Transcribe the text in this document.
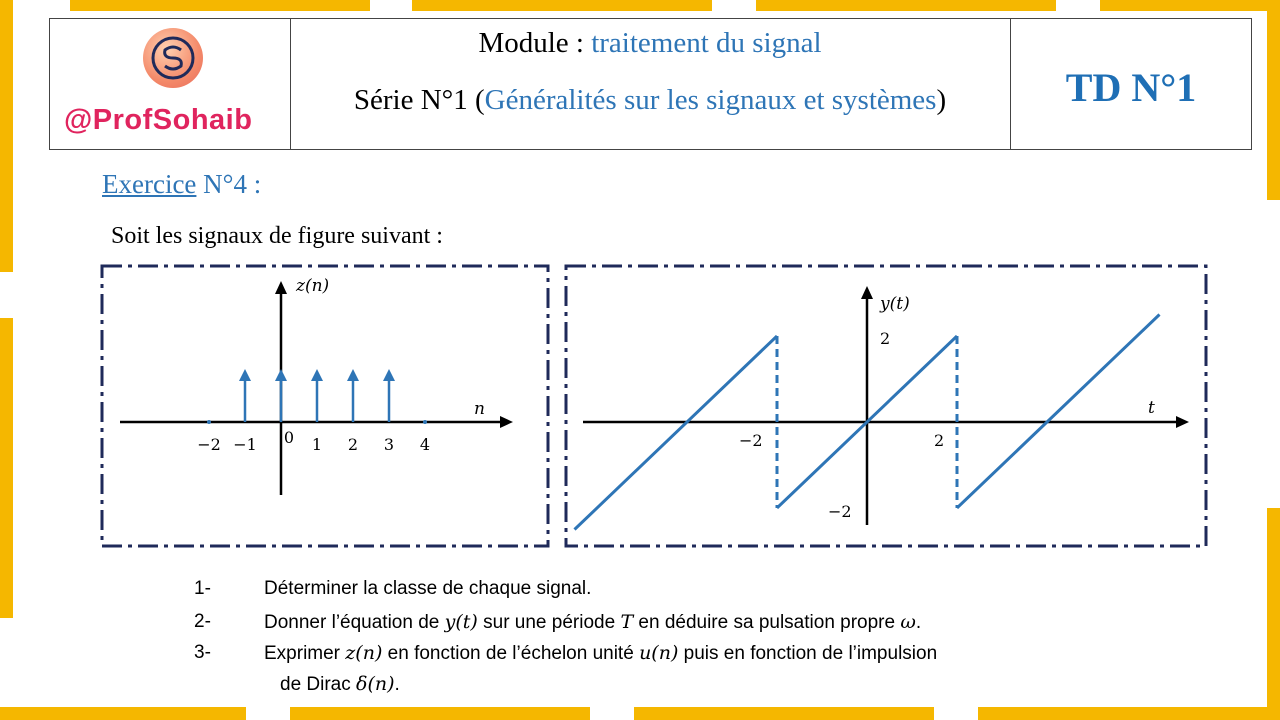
@ProfSohaib
Module : traitement du signal
Série N°1 (Généralités sur les signaux et systèmes)	TD N°1
Exercice N°4 :
Soit les signaux de figure suivant :
−2 −1 0 1 2 3 4
z(n)
n
y(t)
t
−2	2
2
−2
1-	Déterminer la classe de chaque signal.
2-	Donner l’équation de y(t) sur une période T en déduire sa pulsation propre ω.
3-	Exprimer z(n) en fonction de l’échelon unité u(n) puis en fonction de l’impulsion
de Dirac δ(n).
